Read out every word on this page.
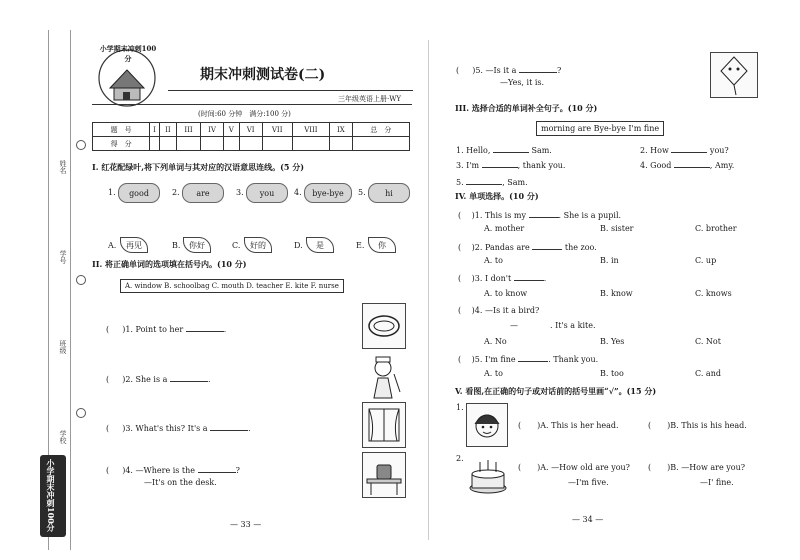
姓名
学号
班级
学校
小学期末冲刺100分
小学期末冲刺100分
期末冲刺测试卷(二)
三年级英语上册·WY
(时间:60 分钟　满分:100 分)
题　号	I	II	III	IV	V	VI	VII	VIII	IX	总　分
得　分										
I. 红花配绿叶,将下列单词与其对应的汉语意思连线。(5 分)
1.	good	2.	are	3.	you	4.	bye-bye	5.	hi
A.	再见	B.	你好	C.	好的	D.	是	E.	你
II. 将正确单词的选项填在括号内。(10 分)
A. window B. schoolbag C. mouth D. teacher E. kite F. nurse
( 　 )1. Point to her	.
( 　 )2. She is a	.
( 　 )3. What's this? It's a	.
( 　 )4. —Where is the	?
—It's on the desk.
— 33 —
( 　 )5. —Is it a	?
—Yes, it is.
III. 选择合适的单词补全句子。(10 分)
morning are Bye-bye I'm fine
1. Hello,	Sam.	2. How	you?
3. I'm	, thank you.	4. Good	, Amy.
5.	, Sam.
IV. 单项选择。(10 分)
(　 )1. This is my	. She is a pupil.
A. mother	B. sister	C. brother
(　 )2. Pandas are	the zoo.
A. to	B. in	C. up
(　 )3. I don't	.
A. to know	B. know	C. knows
(　 )4. —Is it a bird?
—　　　　. It's a kite.
A. No	B. Yes	C. Not
(　 )5. I'm fine	. Thank you.
A. to	B. too	C. and
V. 看图,在正确的句子或对话前的括号里画“√”。(15 分)
1.
(　　)A. This is her head.	(　　)B. This is his head.
2.
(　　)A. —How old are you?
—I'm five.
(　　)B. —How are you?
—I' fine.
— 34 —
